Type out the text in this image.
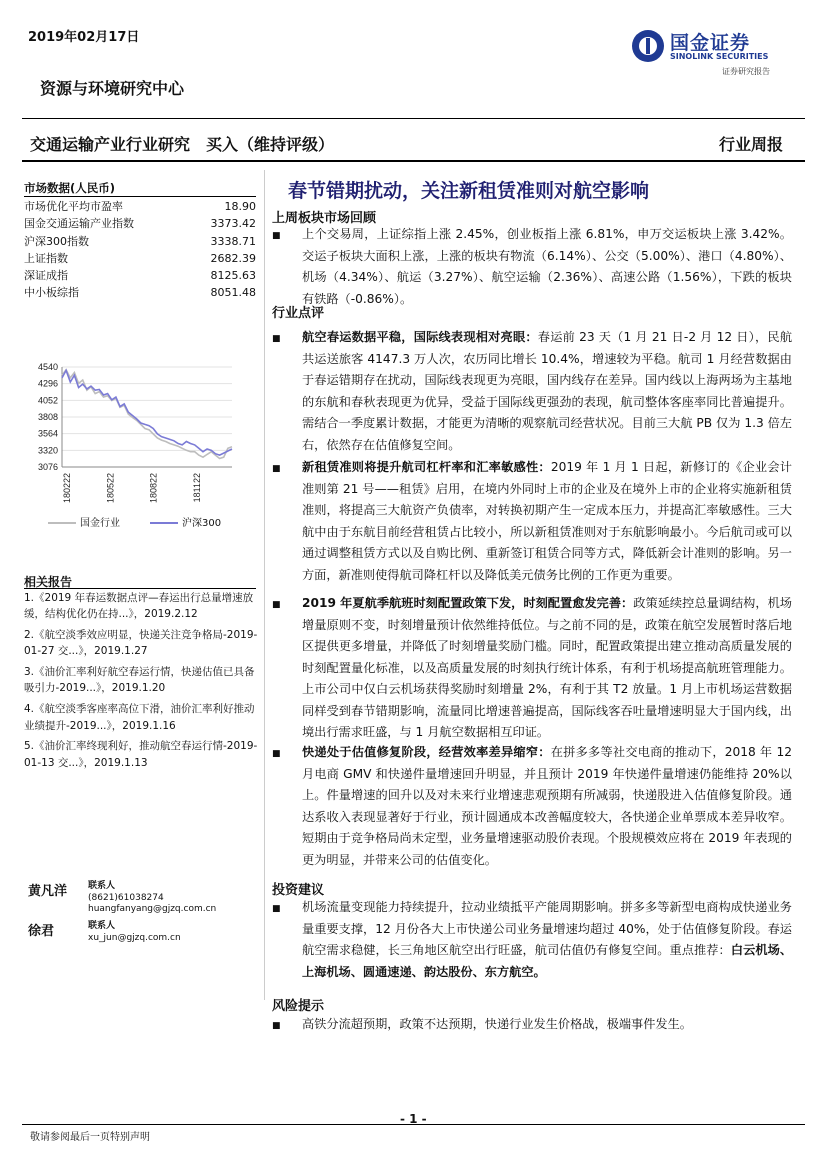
2019年02月17日
资源与环境研究中心
国金证券
SINOLINK SECURITIES
证券研究报告
交通运输产业行业研究　买入（维持评级）	行业周报
市场数据(人民币)
市场优化平均市盈率	18.90
国金交通运输产业指数	3373.42
沪深300指数	3338.71
上证指数	2682.39
深证成指	8125.63
中小板综指	8051.48
4540
4296
4052
3808
3564
3320
3076
180222	180522	180822	181122
国金行业	沪深300
相关报告
1.《2019 年春运数据点评—春运出行总量增速放缓，结构优化仍在持...》，2019.2.12
2.《航空淡季效应明显，快递关注竞争格局-2019-01-27 交...》，2019.1.27
3.《油价汇率利好航空春运行情，快递估值已具备吸引力-2019...》，2019.1.20
4.《航空淡季客座率高位下滑，油价汇率利好推动业绩提升-2019...》，2019.1.16
5.《油价汇率终现利好，推动航空春运行情-2019-01-13 交...》，2019.1.13
黄凡洋 联系人
(8621)61038274
huangfanyang@gjzq.com.cn
徐君	联系人
xu_jun@gjzq.com.cn
春节错期扰动，关注新租赁准则对航空影响
上周板块市场回顾
■ 上个交易周，上证综指上涨 2.45%，创业板指上涨 6.81%，申万交运板块上涨 3.42%。交运子板块大面积上涨，上涨的板块有物流（6.14%）、公交（5.00%）、港口（4.80%）、机场（4.34%）、航运（3.27%）、航空运输（2.36%）、高速公路（1.56%），下跌的板块有铁路（-0.86%）。
行业点评
■ 航空春运数据平稳，国际线表现相对亮眼：春运前 23 天（1 月 21 日-2 月 12 日），民航共运送旅客 4147.3 万人次，农历同比增长 10.4%，增速较为平稳。航司 1 月经营数据由于春运错期存在扰动，国际线表现更为亮眼，国内线存在差异。国内线以上海两场为主基地的东航和春秋表现更为优异，受益于国际线更强劲的表现，航司整体客座率同比普遍提升。需结合一季度累计数据，才能更为清晰的观察航司经营状况。目前三大航 PB 仅为 1.3 倍左右，依然存在估值修复空间。
■ 新租赁准则将提升航司杠杆率和汇率敏感性：2019 年 1 月 1 日起，新修订的《企业会计准则第 21 号——租赁》启用，在境内外同时上市的企业及在境外上市的企业将实施新租赁准则，将提高三大航资产负债率，对转换初期产生一定成本压力，并提高汇率敏感性。三大航中由于东航目前经营租赁占比较小，所以新租赁准则对于东航影响最小。今后航司或可以通过调整租赁方式以及自购比例、重新签订租赁合同等方式，降低新会计准则的影响。另一方面，新准则使得航司降杠杆以及降低美元债务比例的工作更为重要。
■ 2019 年夏航季航班时刻配置政策下发，时刻配置愈发完善：政策延续控总量调结构，机场增量原则不变，时刻增量预计依然维持低位。与之前不同的是，政策在航空发展暂时落后地区提供更多增量，并降低了时刻增量奖励门槛。同时，配置政策提出建立推动高质量发展的时刻配置量化标准，以及高质量发展的时刻执行统计体系，有利于机场提高航班管理能力。上市公司中仅白云机场获得奖励时刻增量 2%，有利于其 T2 放量。1 月上市机场运营数据同样受到春节错期影响，流量同比增速普遍提高，国际线客吞吐量增速明显大于国内线，出境出行需求旺盛，与 1 月航空数据相互印证。
■ 快递处于估值修复阶段，经营效率差异缩窄：在拼多多等社交电商的推动下，2018 年 12 月电商 GMV 和快递件量增速回升明显，并且预计 2019 年快递件量增速仍能维持 20%以上。件量增速的回升以及对未来行业增速悲观预期有所减弱，快递股进入估值修复阶段。通达系收入表现显著好于行业，预计圆通成本改善幅度较大，各快递企业单票成本差异收窄。短期由于竞争格局尚未定型，业务量增速驱动股价表现。个股规模效应将在 2019 年表现的更为明显，并带来公司的估值变化。
投资建议
■ 机场流量变现能力持续提升，拉动业绩抵平产能周期影响。拼多多等新型电商构成快递业务量重要支撑，12 月份各大上市快递公司业务量增速均超过 40%，处于估值修复阶段。春运航空需求稳健，长三角地区航空出行旺盛，航司估值仍有修复空间。重点推荐：白云机场、上海机场、圆通速递、韵达股份、东方航空。
风险提示
■ 高铁分流超预期，政策不达预期，快递行业发生价格战，极端事件发生。
- 1 -
敬请参阅最后一页特别声明
